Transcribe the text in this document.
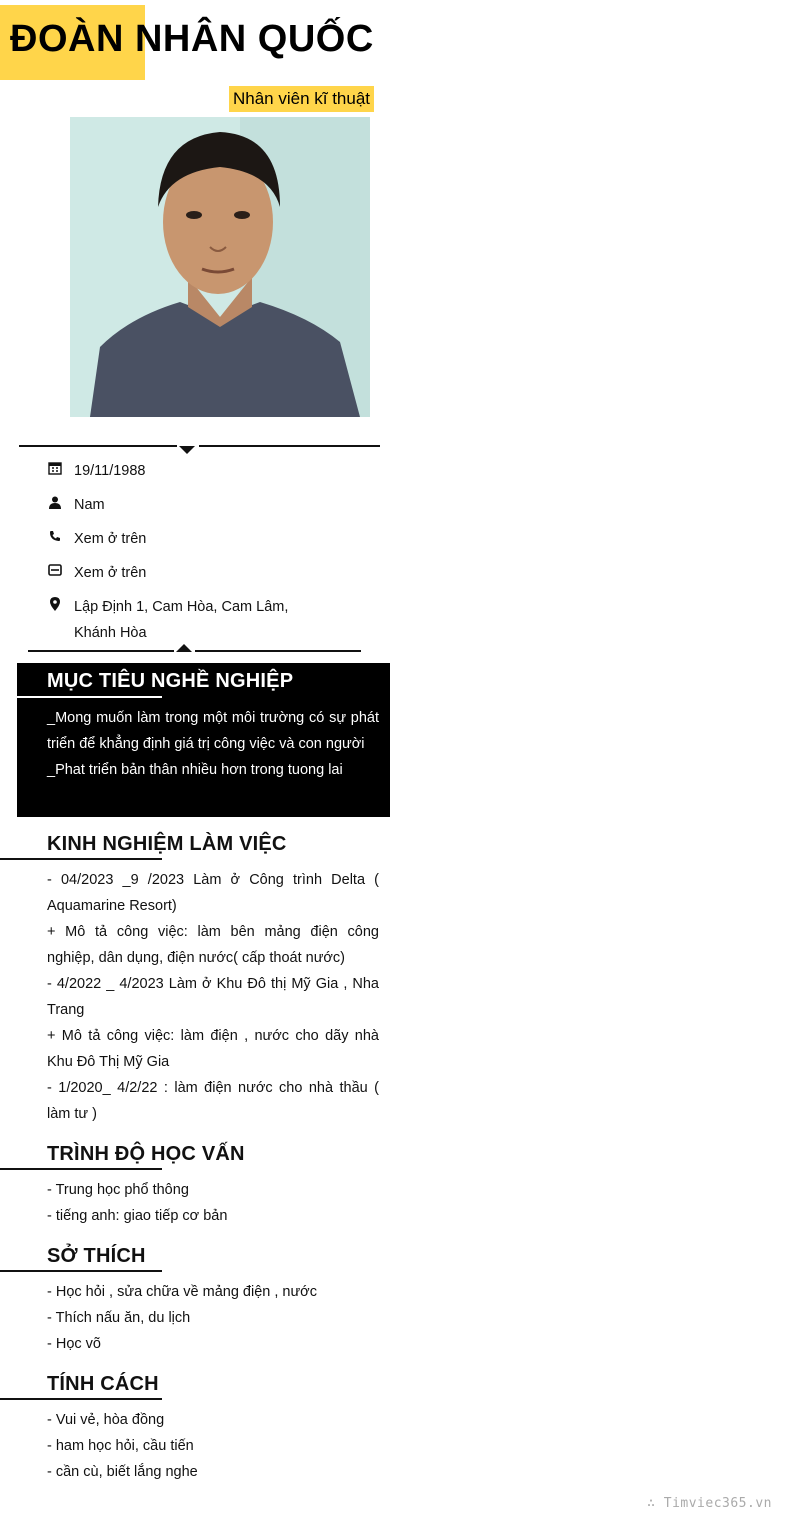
ĐOÀN NHÂN QUỐC
Nhân viên kĩ thuật
19/11/1988
Nam
Xem ở trên
Xem ở trên
Lập Định 1, Cam Hòa, Cam Lâm, Khánh Hòa
MỤC TIÊU NGHỀ NGHIỆP

_Mong muốn làm trong một môi trường có sự phát triển để khẳng định giá trị công việc và con người

_Phat triển bản thân nhiều hơn trong tuong lai

KINH NGHIỆM LÀM VIỆC

- 04/2023 _9 /2023 Làm ở Công trình Delta ( Aquamarine Resort)

+ Mô tả công việc: làm bên mảng điện công nghiệp, dân dụng, điện nước( cấp thoát nước)

- 4/2022 _ 4/2023 Làm ở Khu Đô thị Mỹ Gia , Nha Trang

+ Mô tả công việc: làm điện , nước cho dãy nhà Khu Đô Thị Mỹ Gia

- 1/2020_ 4/2/22 : làm điện nước cho nhà thầu ( làm tư )

TRÌNH ĐỘ HỌC VẤN

- Trung học phổ thông

- tiếng anh: giao tiếp cơ bản

SỞ THÍCH

- Học hỏi , sửa chữa về mảng điện , nước

- Thích nấu ăn, du lịch

- Học võ

TÍNH CÁCH

- Vui vẻ, hòa đồng

- ham học hỏi, cầu tiến

- cần cù, biết lắng nghe

∴ Timviec365.vn
